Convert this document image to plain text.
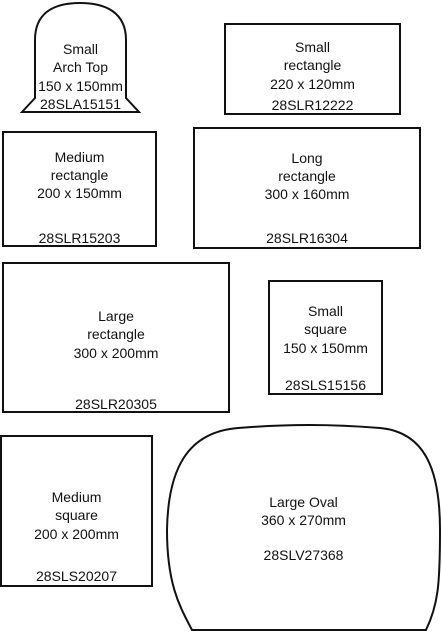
Small
Arch Top
150 x 150mm
28SLA15151
Small
rectangle
220 x 120mm
28SLR12222
Medium
rectangle
200 x 150mm
28SLR15203
Long
rectangle
300 x 160mm
28SLR16304
Large
rectangle
300 x 200mm
28SLR20305
Small
square
150 x 150mm
28SLS15156
Medium
square
200 x 200mm
28SLS20207
Large Oval
360 x 270mm
28SLV27368
